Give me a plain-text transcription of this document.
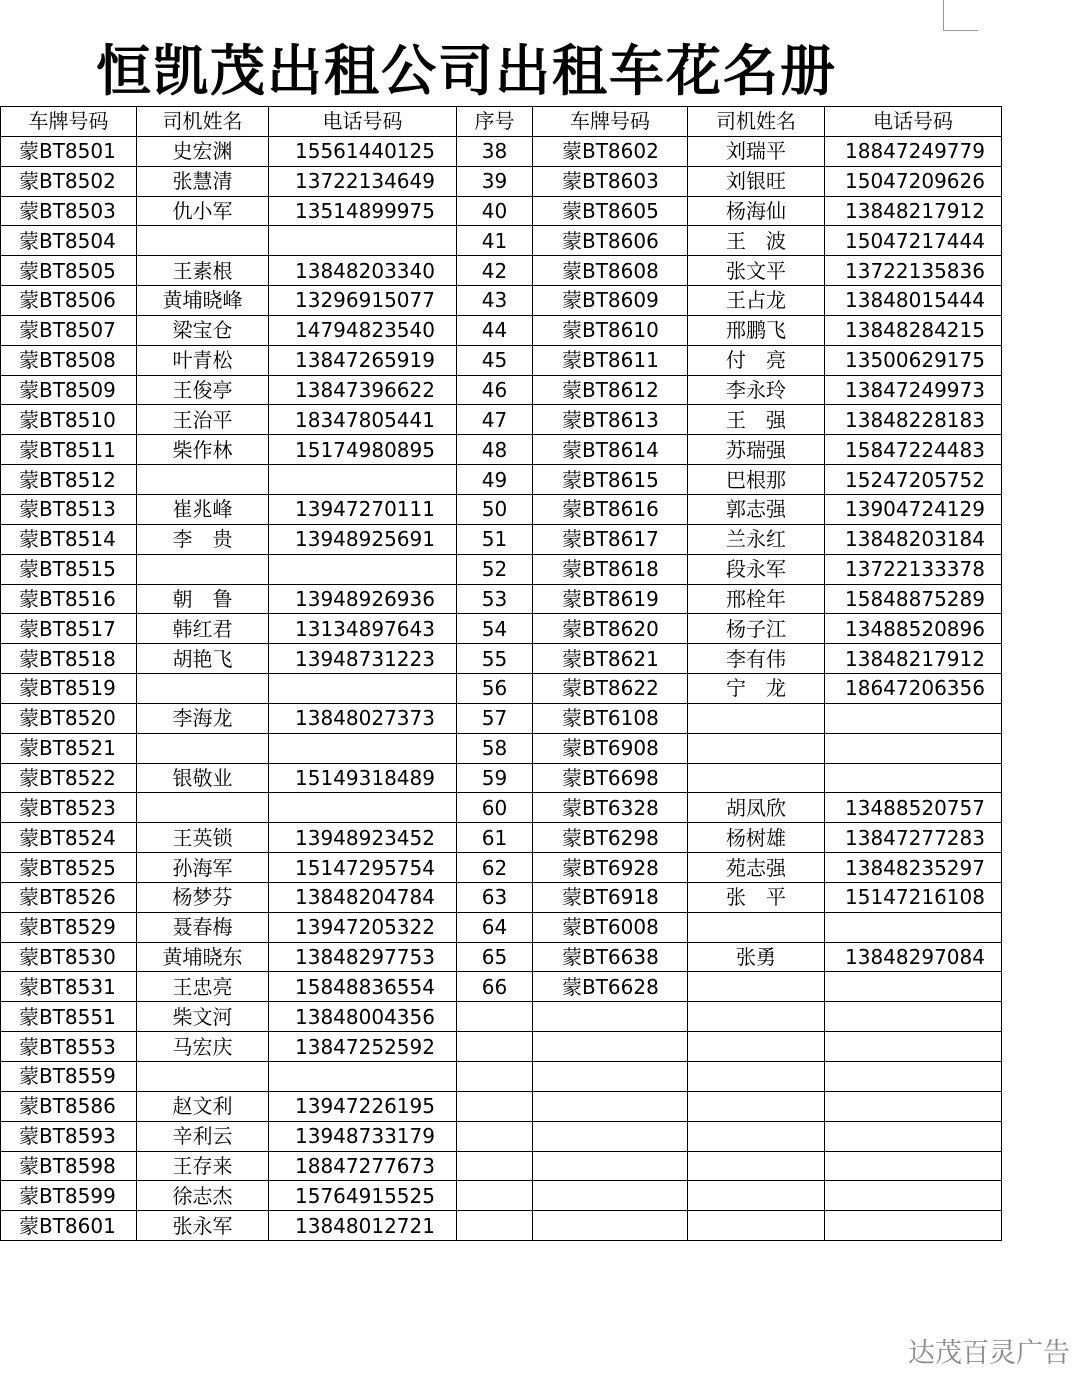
恒凯茂出租公司出租车花名册
车牌号码	司机姓名	电话号码	序号	车牌号码	司机姓名	电话号码
蒙BT8501	史宏渊	15561440125	38	蒙BT8602	刘瑞平	18847249779
蒙BT8502	张慧清	13722134649	39	蒙BT8603	刘银旺	15047209626
蒙BT8503	仇小军	13514899975	40	蒙BT8605	杨海仙	13848217912
蒙BT8504			41	蒙BT8606	王　波	15047217444
蒙BT8505	王素根	13848203340	42	蒙BT8608	张文平	13722135836
蒙BT8506	黄埔晓峰	13296915077	43	蒙BT8609	王占龙	13848015444
蒙BT8507	梁宝仓	14794823540	44	蒙BT8610	邢鹏飞	13848284215
蒙BT8508	叶青松	13847265919	45	蒙BT8611	付　亮	13500629175
蒙BT8509	王俊亭	13847396622	46	蒙BT8612	李永玲	13847249973
蒙BT8510	王治平	18347805441	47	蒙BT8613	王　强	13848228183
蒙BT8511	柴作林	15174980895	48	蒙BT8614	苏瑞强	15847224483
蒙BT8512			49	蒙BT8615	巴根那	15247205752
蒙BT8513	崔兆峰	13947270111	50	蒙BT8616	郭志强	13904724129
蒙BT8514	李　贵	13948925691	51	蒙BT8617	兰永红	13848203184
蒙BT8515			52	蒙BT8618	段永军	13722133378
蒙BT8516	朝　鲁	13948926936	53	蒙BT8619	邢栓年	15848875289
蒙BT8517	韩红君	13134897643	54	蒙BT8620	杨子江	13488520896
蒙BT8518	胡艳飞	13948731223	55	蒙BT8621	李有伟	13848217912
蒙BT8519			56	蒙BT8622	宁　龙	18647206356
蒙BT8520	李海龙	13848027373	57	蒙BT6108		
蒙BT8521			58	蒙BT6908		
蒙BT8522	银敬业	15149318489	59	蒙BT6698		
蒙BT8523			60	蒙BT6328	胡凤欣	13488520757
蒙BT8524	王英锁	13948923452	61	蒙BT6298	杨树雄	13847277283
蒙BT8525	孙海军	15147295754	62	蒙BT6928	苑志强	13848235297
蒙BT8526	杨梦芬	13848204784	63	蒙BT6918	张　平	15147216108
蒙BT8529	聂春梅	13947205322	64	蒙BT6008		
蒙BT8530	黄埔晓东	13848297753	65	蒙BT6638	张勇	13848297084
蒙BT8531	王忠亮	15848836554	66	蒙BT6628		
蒙BT8551	柴文河	13848004356				
蒙BT8553	马宏庆	13847252592				
蒙BT8559						
蒙BT8586	赵文利	13947226195				
蒙BT8593	辛利云	13948733179				
蒙BT8598	王存来	18847277673				
蒙BT8599	徐志杰	15764915525				
蒙BT8601	张永军	13848012721				
达茂百灵广告
